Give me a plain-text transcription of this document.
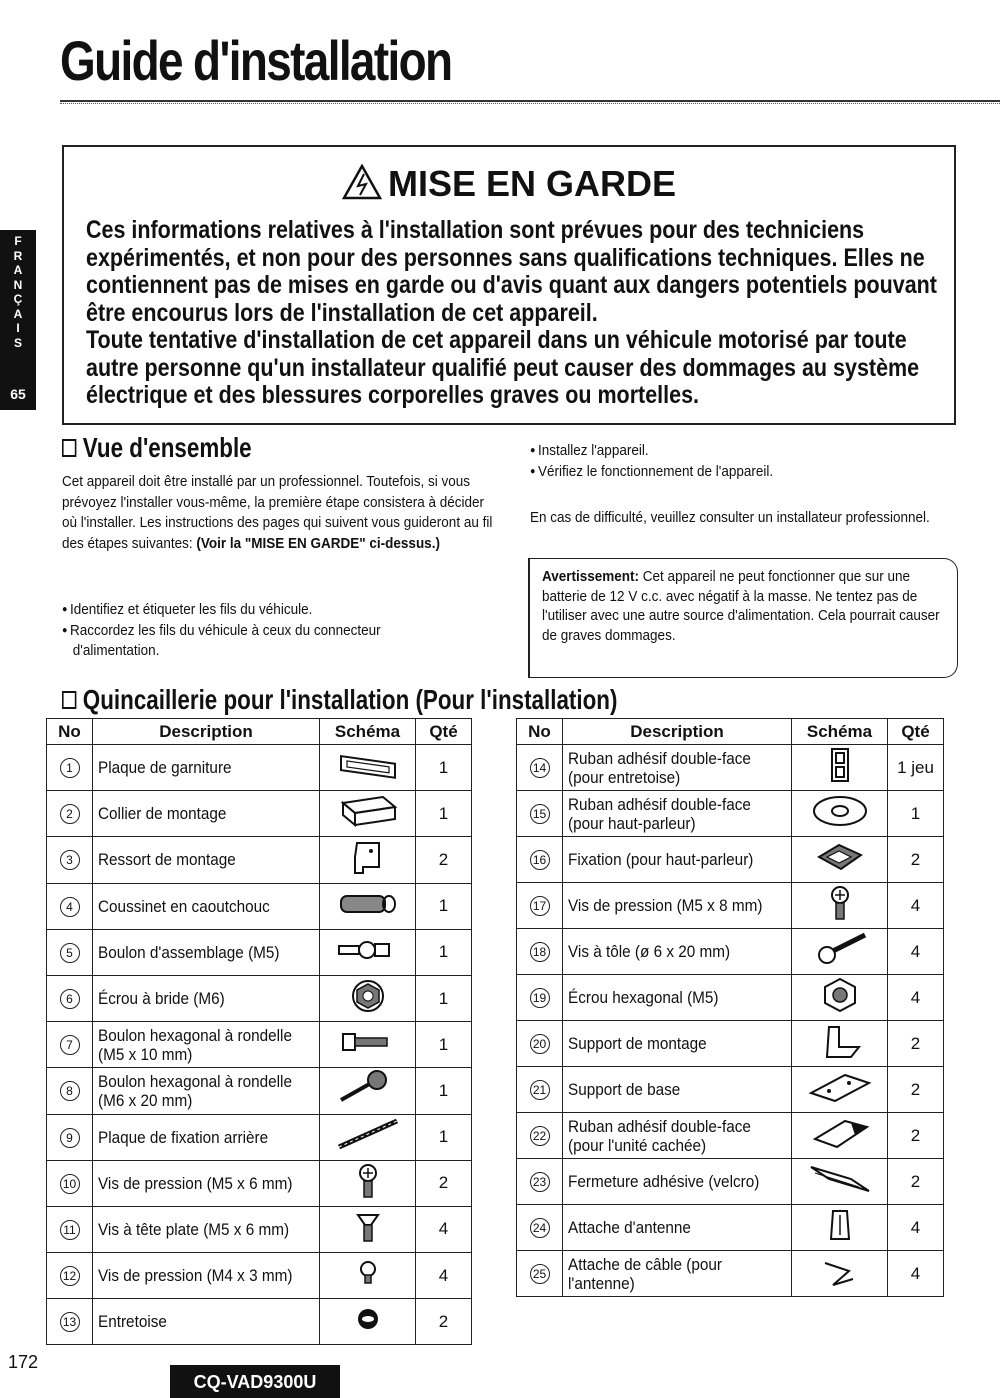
Guide d'installation
F
R
A
N
Ç
A
I
S
65
MISE EN GARDE

Ces informations relatives à l'installation sont prévues pour des techniciens expérimentés, et non pour des personnes sans qualifications techniques. Elles ne contiennent pas de mises en garde ou d'avis quant aux dangers potentiels pouvant être encourus lors de l'installation de cet appareil.

Toute tentative d'installation de cet appareil dans un véhicule motorisé par toute autre personne qu'un installateur qualifié peut causer des dommages au système électrique et des blessures corporelles graves ou mortelles.

Vue d'ensemble
Cet appareil doit être installé par un professionnel. Toutefois, si vous prévoyez l'installer vous-même, la première étape consistera à décider où l'installer. Les instructions des pages qui suivent vous guideront au fil des étapes suivantes: (Voir la "MISE EN GARDE" ci-dessus.)
● Identifiez et étiqueter les fils du véhicule.
● Raccordez les fils du véhicule à ceux du connecteur d'alimentation.
● Installez l'appareil.
● Vérifiez le fonctionnement de l'appareil.
En cas de difficulté, veuillez consulter un installateur professionnel.
Avertissement: Cet appareil ne peut fonctionner que sur une batterie de 12 V c.c. avec négatif à la masse. Ne tentez pas de l'utiliser avec une autre source d'alimentation. Cela pourrait causer de graves dommages.
Quincaillerie pour l'installation (Pour l'installation)
No	Description	Schéma	Qté
1	Plaque de garniture		1
2	Collier de montage		1
3	Ressort de montage		2
4	Coussinet en caoutchouc		1
5	Boulon d'assemblage (M5)		1
6	Écrou à bride (M6)		1
7	Boulon hexagonal à rondelle (M5 x 10 mm)		1
8	Boulon hexagonal à rondelle (M6 x 20 mm)		1
9	Plaque de fixation arrière		1
10	Vis de pression (M5 x 6 mm)		2
11	Vis à tête plate (M5 x 6 mm)		4
12	Vis de pression (M4 x 3 mm)		4
13	Entretoise		2
No	Description	Schéma	Qté
14	Ruban adhésif double-face (pour entretoise)		1 jeu
15	Ruban adhésif double-face (pour haut-parleur)		1
16	Fixation (pour haut-parleur)		2
17	Vis de pression (M5 x 8 mm)		4
18	Vis à tôle (ø 6 x 20 mm)		4
19	Écrou hexagonal (M5)		4
20	Support de montage		2
21	Support de base		2
22	Ruban adhésif double-face (pour l'unité cachée)		2
23	Fermeture adhésive (velcro)		2
24	Attache d'antenne		4
25	Attache de câble (pour l'antenne)		4
172
CQ-VAD9300U
